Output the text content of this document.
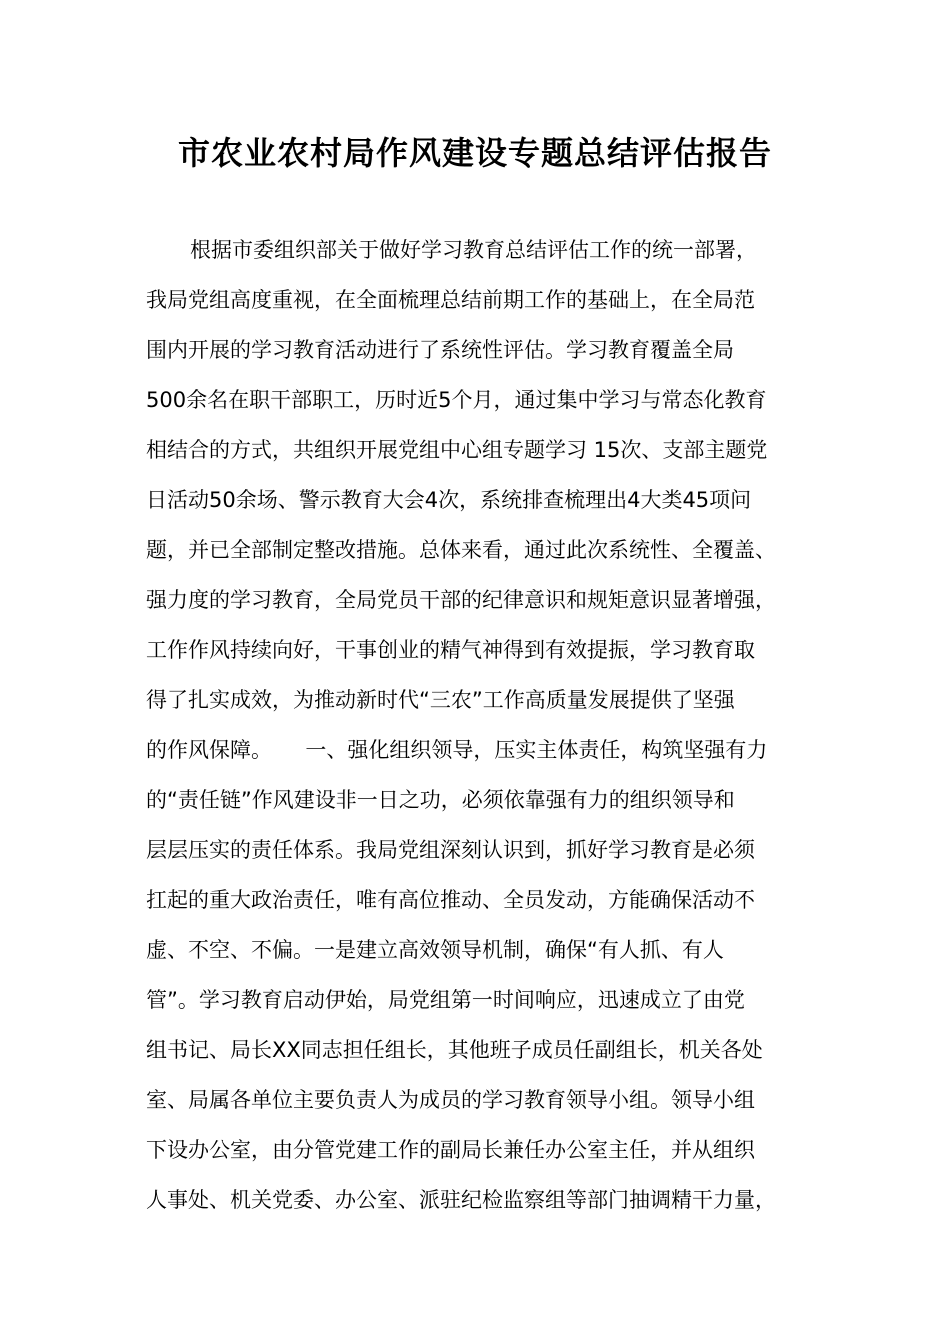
市农业农村局作风建设专题总结评估报告
根据市委组织部关于做好学习教育总结评估工作的统一部署，
我局党组高度重视，在全面梳理总结前期工作的基础上，在全局范
围内开展的学习教育活动进行了系统性评估。学习教育覆盖全局
500余名在职干部职工，历时近5个月，通过集中学习与常态化教育
相结合的方式，共组织开展党组中心组专题学习 15次、支部主题党
日活动50余场、警示教育大会4次，系统排查梳理出4大类45项问
题，并已全部制定整改措施。总体来看，通过此次系统性、全覆盖、
强力度的学习教育，全局党员干部的纪律意识和规矩意识显著增强，
工作作风持续向好，干事创业的精气神得到有效提振，学习教育取
得了扎实成效，为推动新时代“三农”工作高质量发展提供了坚强
的作风保障。     一、强化组织领导，压实主体责任，构筑坚强有力
的“责任链”作风建设非一日之功，必须依靠强有力的组织领导和
层层压实的责任体系。我局党组深刻认识到，抓好学习教育是必须
扛起的重大政治责任，唯有高位推动、全员发动，方能确保活动不
虚、不空、不偏。一是建立高效领导机制，确保“有人抓、有人
管”。学习教育启动伊始，局党组第一时间响应，迅速成立了由党
组书记、局长XX同志担任组长，其他班子成员任副组长，机关各处
室、局属各单位主要负责人为成员的学习教育领导小组。领导小组
下设办公室，由分管党建工作的副局长兼任办公室主任，并从组织
人事处、机关党委、办公室、派驻纪检监察组等部门抽调精干力量，
